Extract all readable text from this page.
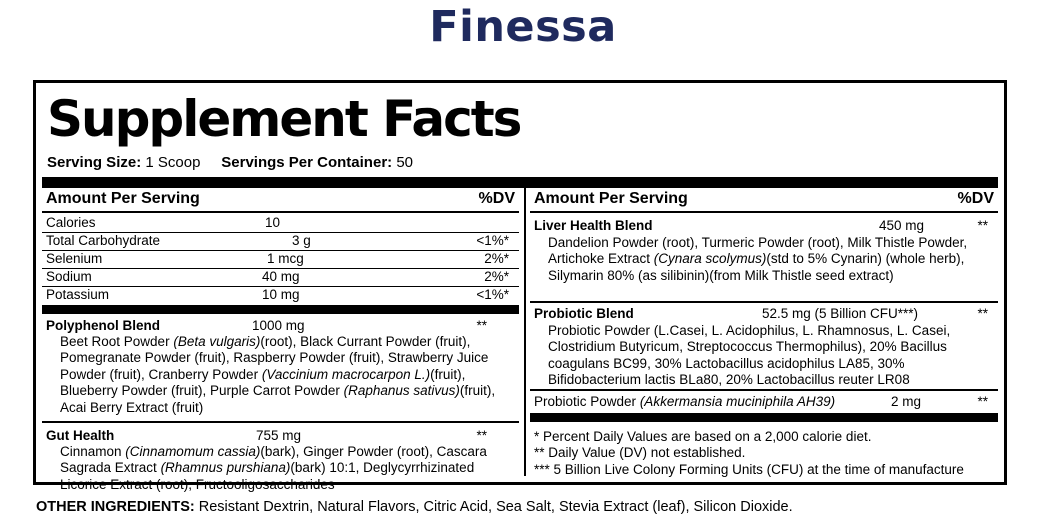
Finessa
Supplement Facts
Serving Size: 1 Scoop Servings Per Container: 50
Amount Per Serving	%DV
Calories	10
Total Carbohydrate	3 g	<1%*
Selenium	1 mcg	2%*
Sodium	40 mg	2%*
Potassium	10 mg	<1%*
Polyphenol Blend	1000 mg	**
Beet Root Powder (Beta vulgaris)(root), Black Currant Powder (fruit), Pomegranate Powder (fruit), Raspberry Powder (fruit), Strawberry Juice Powder (fruit), Cranberry Powder (Vaccinium macrocarpon L.)(fruit), Blueberry Powder (fruit), Purple Carrot Powder (Raphanus sativus)(fruit), Acai Berry Extract (fruit)
Gut Health	755 mg	**
Cinnamon (Cinnamomum cassia)(bark), Ginger Powder (root), Cascara Sagrada Extract (Rhamnus purshiana)(bark) 10:1, Deglycyrrhizinated Licorice Extract (root), Fructooligosaccharides
Amount Per Serving	%DV
Liver Health Blend	450 mg	**
Dandelion Powder (root), Turmeric Powder (root), Milk Thistle Powder, Artichoke Extract (Cynara scolymus)(std to 5% Cynarin) (whole herb), Silymarin 80% (as silibinin)(from Milk Thistle seed extract)
Probiotic Blend	52.5 mg (5 Billion CFU***)	**
Probiotic Powder (L.Casei, L. Acidophilus, L. Rhamnosus, L. Casei, Clostridium Butyricum, Streptococcus Thermophilus), 20% Bacillus coagulans BC99, 30% Lactobacillus acidophilus LA85, 30% Bifidobacterium lactis BLa80, 20% Lactobacillus reuter LR08
Probiotic Powder (Akkermansia muciniphila AH39)	2 mg	**
* Percent Daily Values are based on a 2,000 calorie diet.
** Daily Value (DV) not established.
*** 5 Billion Live Colony Forming Units (CFU) at the time of manufacture
OTHER INGREDIENTS: Resistant Dextrin, Natural Flavors, Citric Acid, Sea Salt, Stevia Extract (leaf), Silicon Dioxide.
